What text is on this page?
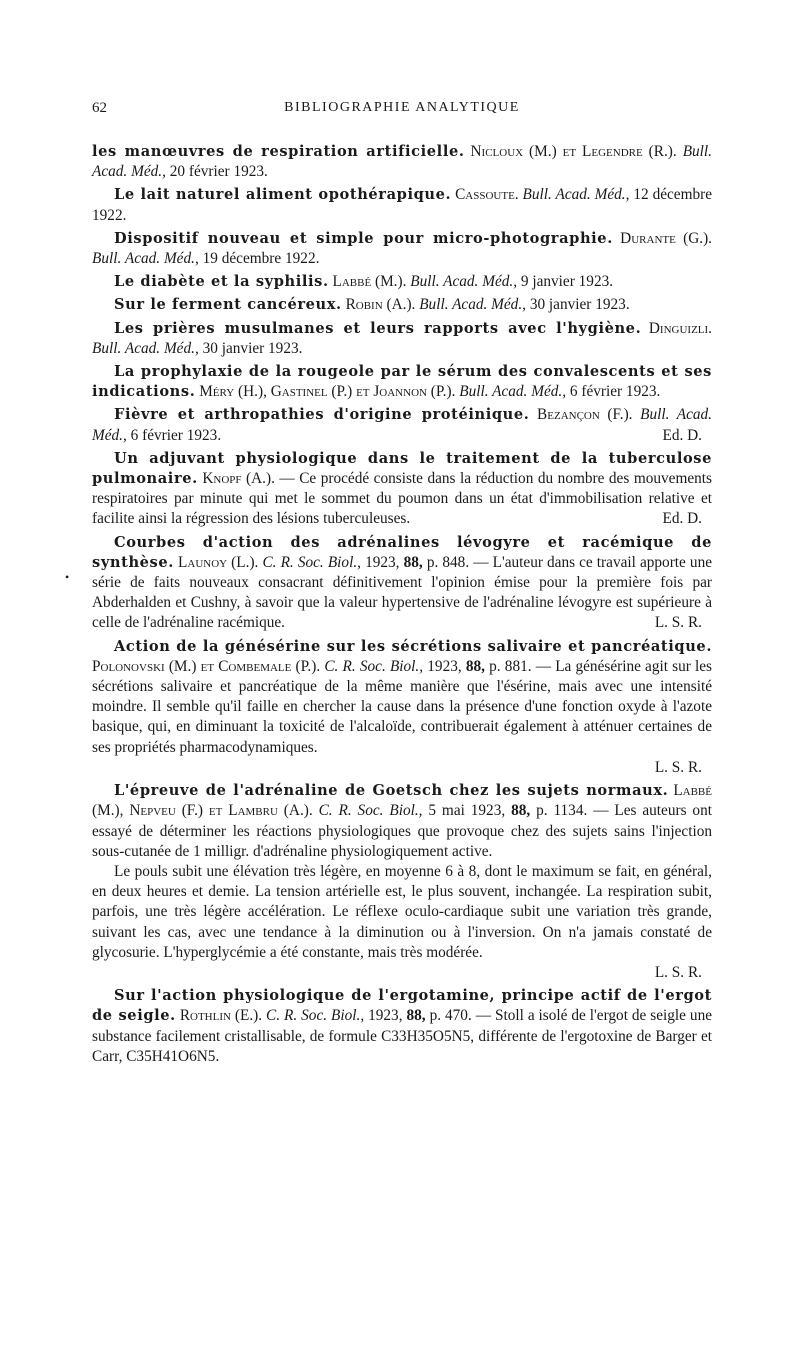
62	BIBLIOGRAPHIE ANALYTIQUE

les manœuvres de respiration artificielle. Nicloux (M.) et Legendre (R.). Bull. Acad. Méd., 20 février 1923.

Le lait naturel aliment opothérapique. Cassoute. Bull. Acad. Méd., 12 décembre 1922.

Dispositif nouveau et simple pour micro-photographie. Durante (G.). Bull. Acad. Méd., 19 décembre 1922.

Le diabète et la syphilis. Labbé (M.). Bull. Acad. Méd., 9 janvier 1923.

Sur le ferment cancéreux. Robin (A.). Bull. Acad. Méd., 30 janvier 1923.

Les prières musulmanes et leurs rapports avec l'hygiène. Dinguizli. Bull. Acad. Méd., 30 janvier 1923.

La prophylaxie de la rougeole par le sérum des convalescents et ses indications. Méry (H.), Gastinel (P.) et Joannon (P.). Bull. Acad. Méd., 6 février 1923.

Fièvre et arthropathies d'origine protéinique. Bezançon (F.). Bull. Acad. Méd., 6 février 1923.	Ed. D.

Un adjuvant physiologique dans le traitement de la tuberculose pulmonaire. Knopf (A.). — Ce procédé consiste dans la réduction du nombre des mouvements respiratoires par minute qui met le sommet du poumon dans un état d'immobilisation relative et facilite ainsi la régression des lésions tuberculeuses.	Ed. D.

Courbes d'action des adrénalines lévogyre et racémique de synthèse. Launoy (L.). C. R. Soc. Biol., 1923, 88, p. 848. — L'auteur dans ce travail apporte une série de faits nouveaux consacrant définitivement l'opinion émise pour la première fois par Abderhalden et Cushny, à savoir que la valeur hypertensive de l'adrénaline lévogyre est supérieure à celle de l'adrénaline racémique.	L. S. R.

Action de la génésérine sur les sécrétions salivaire et pancréatique. Polonovski (M.) et Combemale (P.). C. R. Soc. Biol., 1923, 88, p. 881. — La génésérine agit sur les sécrétions salivaire et pancréatique de la même manière que l'ésérine, mais avec une intensité moindre. Il semble qu'il faille en chercher la cause dans la présence d'une fonction oxyde à l'azote basique, qui, en diminuant la toxicité de l'alcaloïde, contribuerait également à atténuer certaines de ses propriétés pharmacodynamiques.
L. S. R.

L'épreuve de l'adrénaline de Goetsch chez les sujets normaux. Labbé (M.), Nepveu (F.) et Lambru (A.). C. R. Soc. Biol., 5 mai 1923, 88, p. 1134. — Les auteurs ont essayé de déterminer les réactions physiologiques que provoque chez des sujets sains l'injection sous-cutanée de 1 milligr. d'adrénaline physiologiquement active.
Le pouls subit une élévation très légère, en moyenne 6 à 8, dont le maximum se fait, en général, en deux heures et demie. La tension artérielle est, le plus souvent, inchangée. La respiration subit, parfois, une très légère accélération. Le réflexe oculo-cardiaque subit une variation très grande, suivant les cas, avec une tendance à la diminution ou à l'inversion. On n'a jamais constaté de glycosurie. L'hyperglycémie a été constante, mais très modérée.
L. S. R.

Sur l'action physiologique de l'ergotamine, principe actif de l'ergot de seigle. Rothlin (E.). C. R. Soc. Biol., 1923, 88, p. 470. — Stoll a isolé de l'ergot de seigle une substance facilement cristallisable, de formule C33H35O5N5, différente de l'ergotoxine de Barger et Carr, C35H41O6N5.

•
